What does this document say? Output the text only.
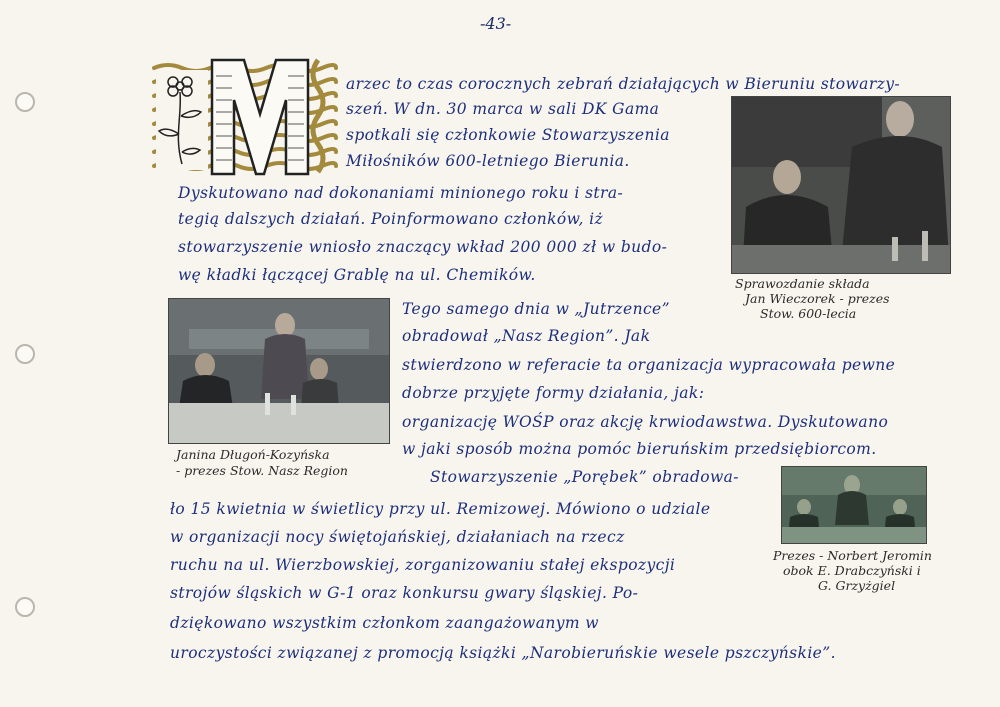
-43-
arzec to czas corocznych zebrań działających w Bieruniu stowarzy-
szeń. W dn. 30 marca w sali DK Gama
spotkali się członkowie Stowarzyszenia
Miłośników 600-letniego Bierunia.
Dyskutowano nad dokonaniami minionego roku i stra-
tegią dalszych działań. Poinformowano członków, iż
stowarzyszenie wniosło znaczący wkład 200 000 zł w budo-
wę kładki łączącej Grablę na ul. Chemików.	Sprawozdanie składa
Jan Wieczorek - prezes
Stow. 600-lecia
Janina Długoń-Kozyńska
- prezes Stow. Nasz Region
Tego samego dnia w „Jutrzence”
obradował „Nasz Region”. Jak
stwierdzono w referacie ta organizacja wypracowała pewne
dobrze przyjęte formy działania, jak:
organizację WOŚP oraz akcję krwiodawstwa. Dyskutowano
w jaki sposób można pomóc bieruńskim przedsiębiorcom.
Stowarzyszenie „Porębek” obradowa-
ło 15 kwietnia w świetlicy przy ul. Remizowej. Mówiono o udziale
w organizacji nocy świętojańskiej, działaniach na rzecz
ruchu na ul. Wierzbowskiej, zorganizowaniu stałej ekspozycji
strojów śląskich w G-1 oraz konkursu gwary śląskiej. Po-
dziękowano wszystkim członkom zaangażowanym w
uroczystości związanej z promocją książki „Narobieruńskie wesele pszczyńskie”.
Prezes - Norbert Jeromin
obok E. Drabczyński i
G. Grzyżgiel
